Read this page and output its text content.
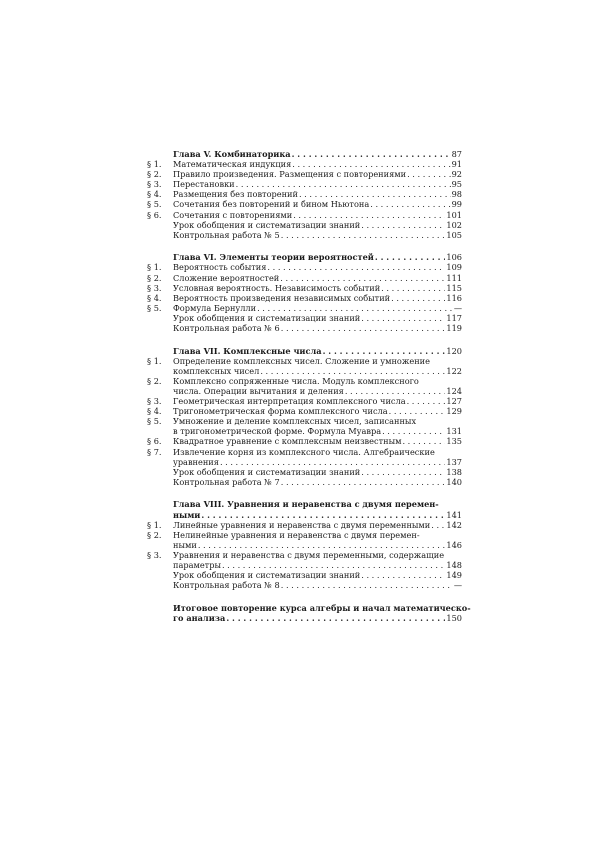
Глава V. Комбинаторика . . .	87
§ 1.	Математическая индукция . . .	91
§ 2.	Правило произведения. Размещения с повторениями . . .	92
§ 3.	Перестановки . . .	95
§ 4.	Размещения без повторений . . .	98
§ 5.	Сочетания без повторений и бином Ньютона . . .	99
§ 6.	Сочетания с повторениями . . .	101
Урок обобщения и систематизации знаний . . .	102
Контрольная работа № 5 . . .	105
Глава VI. Элементы теории вероятностей . . .	106
§ 1.	Вероятность события . . .	109
§ 2.	Сложение вероятностей . . .	111
§ 3.	Условная вероятность. Независимость событий . . .	115
§ 4.	Вероятность произведения независимых событий . . .	116
§ 5.	Формула Бернулли . . .	—
Урок обобщения и систематизации знаний . . .	117
Контрольная работа № 6 . . .	119
Глава VII. Комплексные числа . . .	120
§ 1.	Определение комплексных чисел. Сложение и умножение
комплексных чисел . . .	122
§ 2.	Комплексно сопряженные числа. Модуль комплексного
числа. Операции вычитания и деления . . .	124
§ 3.	Геометрическая интерпретация комплексного числа . . .	127
§ 4.	Тригонометрическая форма комплексного числа . . .	129
§ 5.	Умножение и деление комплексных чисел, записанных
в тригонометрической форме. Формула Муавра . . .	131
§ 6.	Квадратное уравнение с комплексным неизвестным . . .	135
§ 7.	Извлечение корня из комплексного числа. Алгебраические
уравнения . . .	137
Урок обобщения и систематизации знаний . . .	138
Контрольная работа № 7 . . .	140
Глава VIII. Уравнения и неравенства с двумя перемен-
ными . . .	141
§ 1.	Линейные уравнения и неравенства с двумя переменными . . . 142
§ 2.	Нелинейные уравнения и неравенства с двумя перемен-
ными . . .	146
§ 3.	Уравнения и неравенства с двумя переменными, содержащие
параметры . . .	148
Урок обобщения и систематизации знаний . . .	149
Контрольная работа № 8 . . .	—
Итоговое повторение курса алгебры и начал математическо-
го анализа . . .	150
